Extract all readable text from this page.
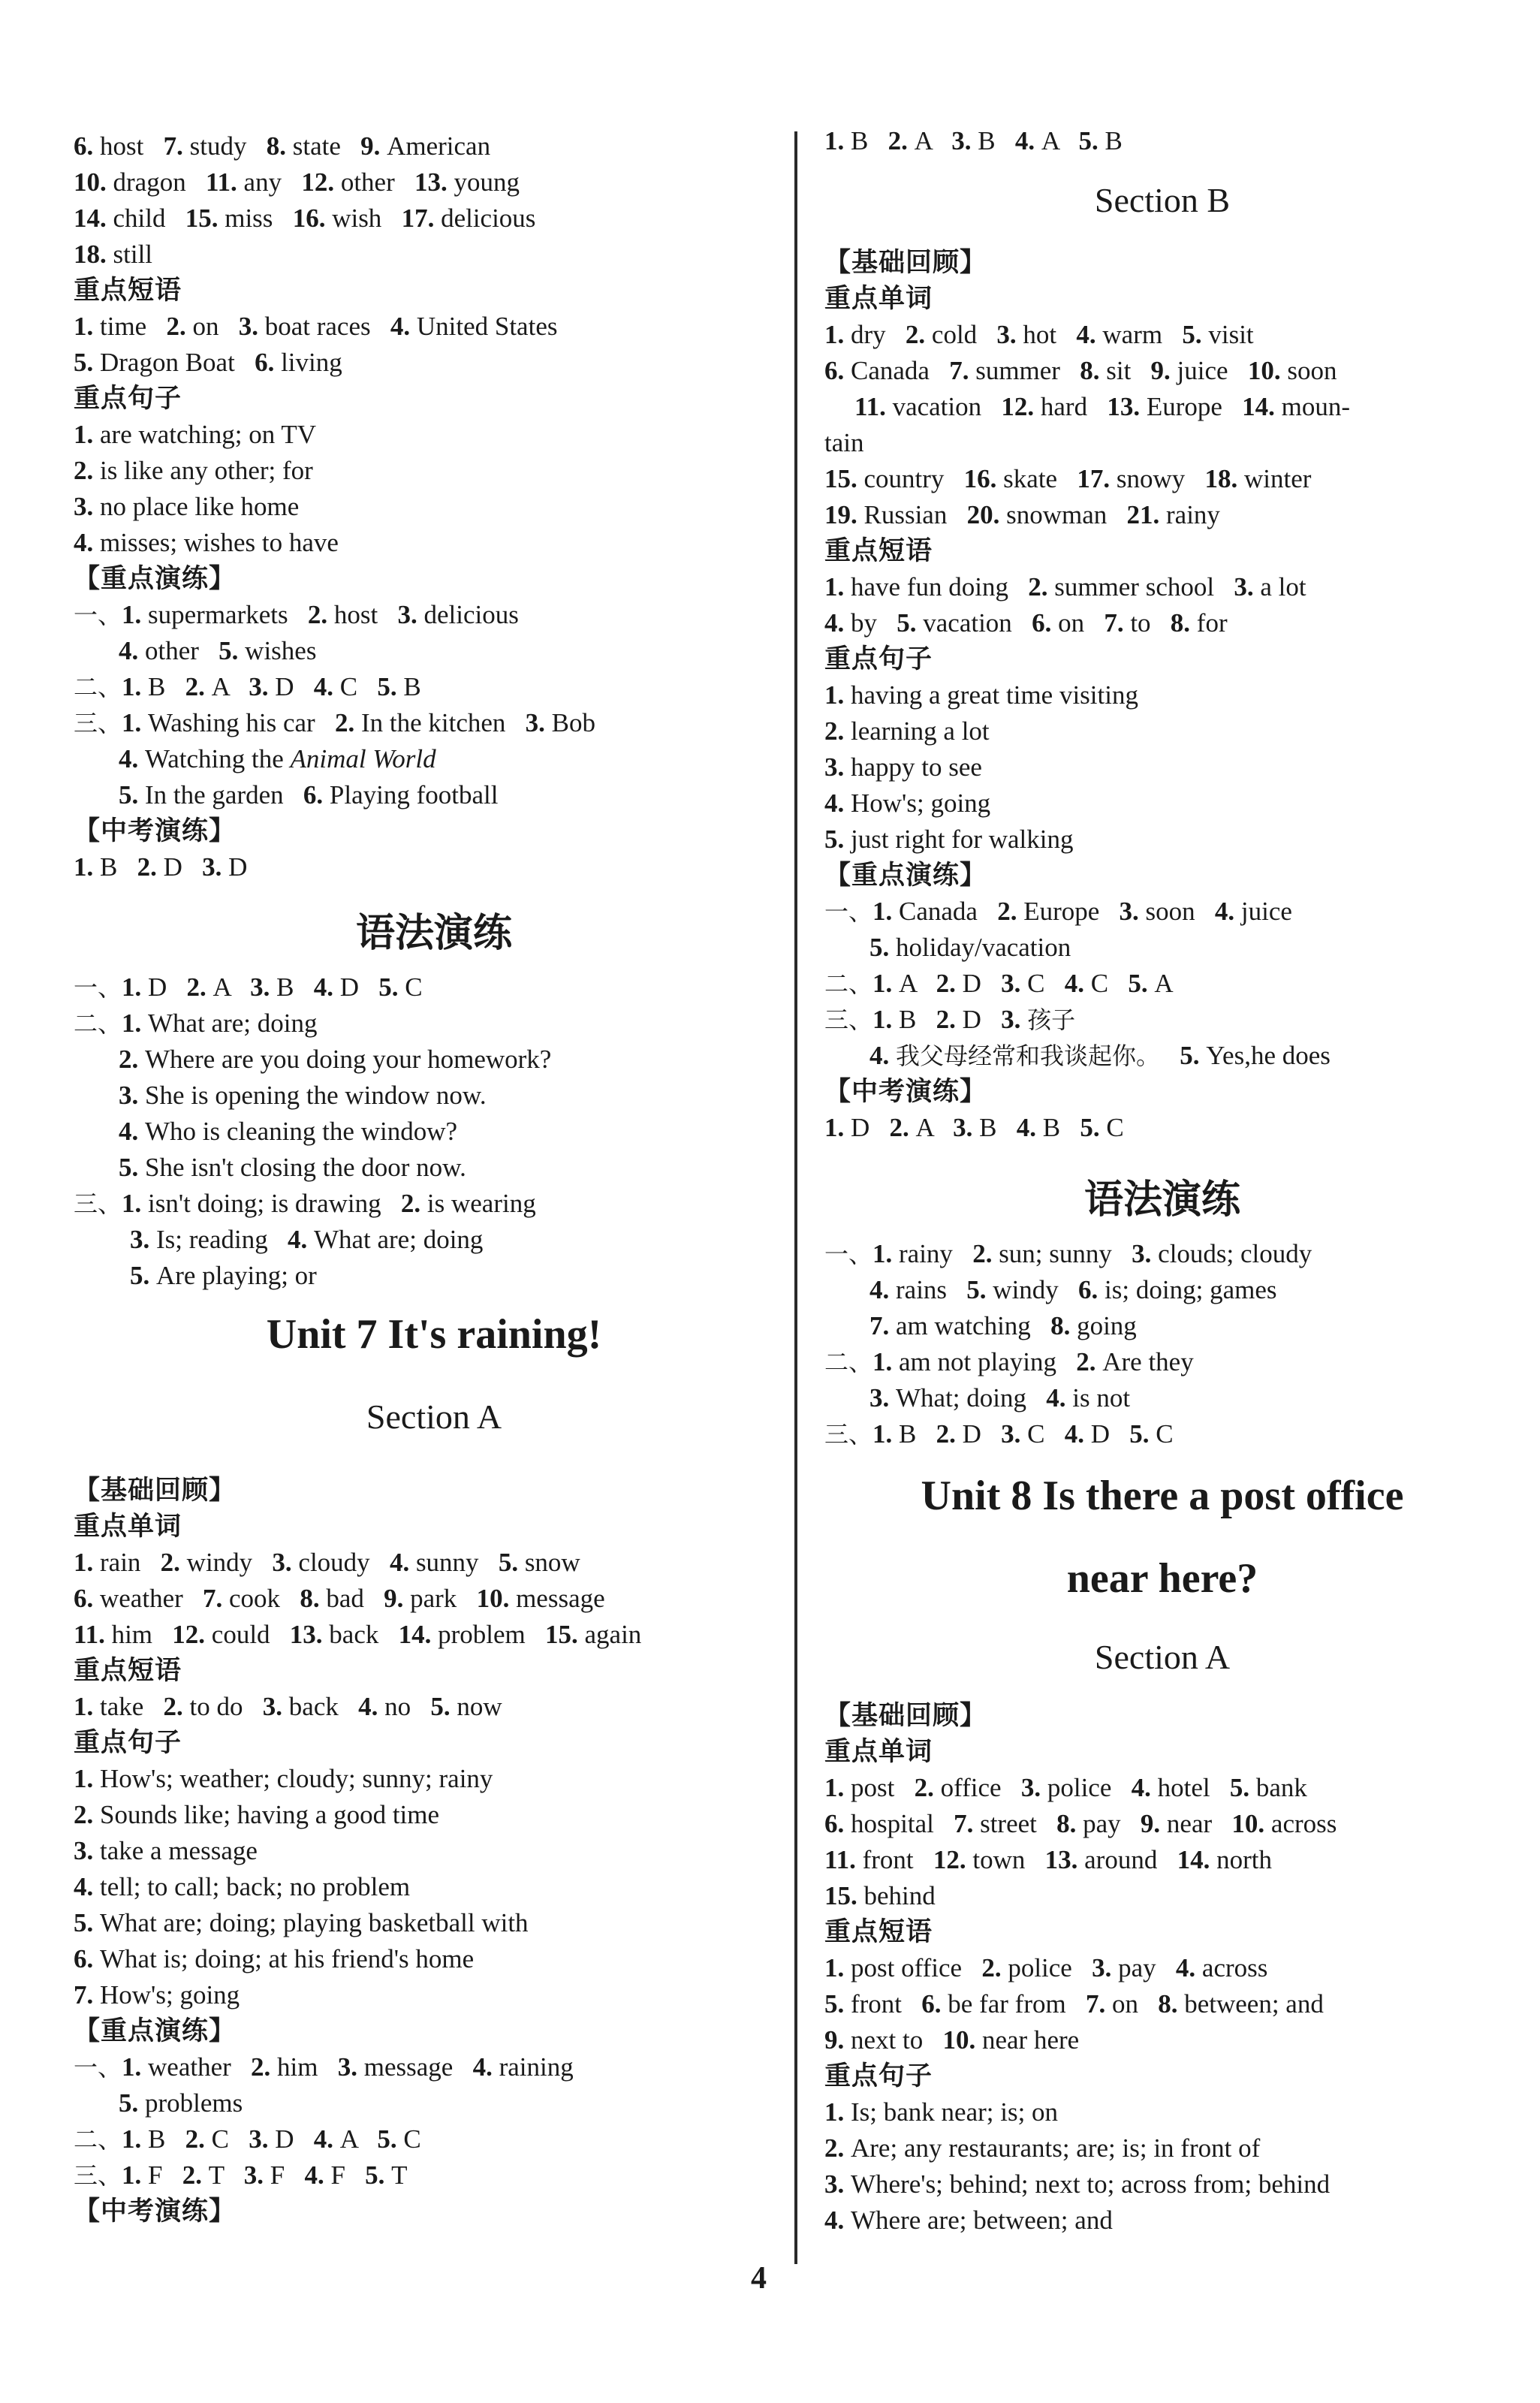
6. host 7. study 8. state 9. American
10. dragon 11. any 12. other 13. young
14. child 15. miss 16. wish 17. delicious
18. still
重点短语
1. time 2. on 3. boat races 4. United States
5. Dragon Boat 6. living
重点句子
1. are watching; on TV
2. is like any other; for
3. no place like home
4. misses; wishes to have
【重点演练】
一、1. supermarkets 2. host 3. delicious
4. other 5. wishes
二、1. B 2. A 3. D 4. C 5. B
三、1. Washing his car 2. In the kitchen 3. Bob
4. Watching the Animal World
5. In the garden 6. Playing football
【中考演练】
1. B 2. D 3. D
语法演练
一、1. D 2. A 3. B 4. D 5. C
二、1. What are; doing
2. Where are you doing your homework?
3. She is opening the window now.
4. Who is cleaning the window?
5. She isn't closing the door now.
三、1. isn't doing; is drawing 2. is wearing
3. Is; reading 4. What are; doing
5. Are playing; or
Unit 7 It's raining!
Section A
【基础回顾】
重点单词
1. rain 2. windy 3. cloudy 4. sunny 5. snow
6. weather 7. cook 8. bad 9. park 10. message
11. him 12. could 13. back 14. problem 15. again
重点短语
1. take 2. to do 3. back 4. no 5. now
重点句子
1. How's; weather; cloudy; sunny; rainy
2. Sounds like; having a good time
3. take a message
4. tell; to call; back; no problem
5. What are; doing; playing basketball with
6. What is; doing; at his friend's home
7. How's; going
【重点演练】
一、1. weather 2. him 3. message 4. raining
5. problems
二、1. B 2. C 3. D 4. A 5. C
三、1. F 2. T 3. F 4. F 5. T
【中考演练】
1. B 2. A 3. B 4. A 5. B
Section B
【基础回顾】
重点单词
1. dry 2. cold 3. hot 4. warm 5. visit
6. Canada 7. summer 8. sit 9. juice 10. soon
11. vacation 12. hard 13. Europe 14. moun-
tain
15. country 16. skate 17. snowy 18. winter
19. Russian 20. snowman 21. rainy
重点短语
1. have fun doing 2. summer school 3. a lot
4. by 5. vacation 6. on 7. to 8. for
重点句子
1. having a great time visiting
2. learning a lot
3. happy to see
4. How's; going
5. just right for walking
【重点演练】
一、1. Canada 2. Europe 3. soon 4. juice
5. holiday/vacation
二、1. A 2. D 3. C 4. C 5. A
三、1. B 2. D 3. 孩子
4. 我父母经常和我谈起你。 5. Yes,he does
【中考演练】
1. D 2. A 3. B 4. B 5. C
语法演练
一、1. rainy 2. sun; sunny 3. clouds; cloudy
4. rains 5. windy 6. is; doing; games
7. am watching 8. going
二、1. am not playing 2. Are they
3. What; doing 4. is not
三、1. B 2. D 3. C 4. D 5. C
Unit 8 Is there a post office
near here?
Section A
【基础回顾】
重点单词
1. post 2. office 3. police 4. hotel 5. bank
6. hospital 7. street 8. pay 9. near 10. across
11. front 12. town 13. around 14. north
15. behind
重点短语
1. post office 2. police 3. pay 4. across
5. front 6. be far from 7. on 8. between; and
9. next to 10. near here
重点句子
1. Is; bank near; is; on
2. Are; any restaurants; are; is; in front of
3. Where's; behind; next to; across from; behind
4. Where are; between; and
4
